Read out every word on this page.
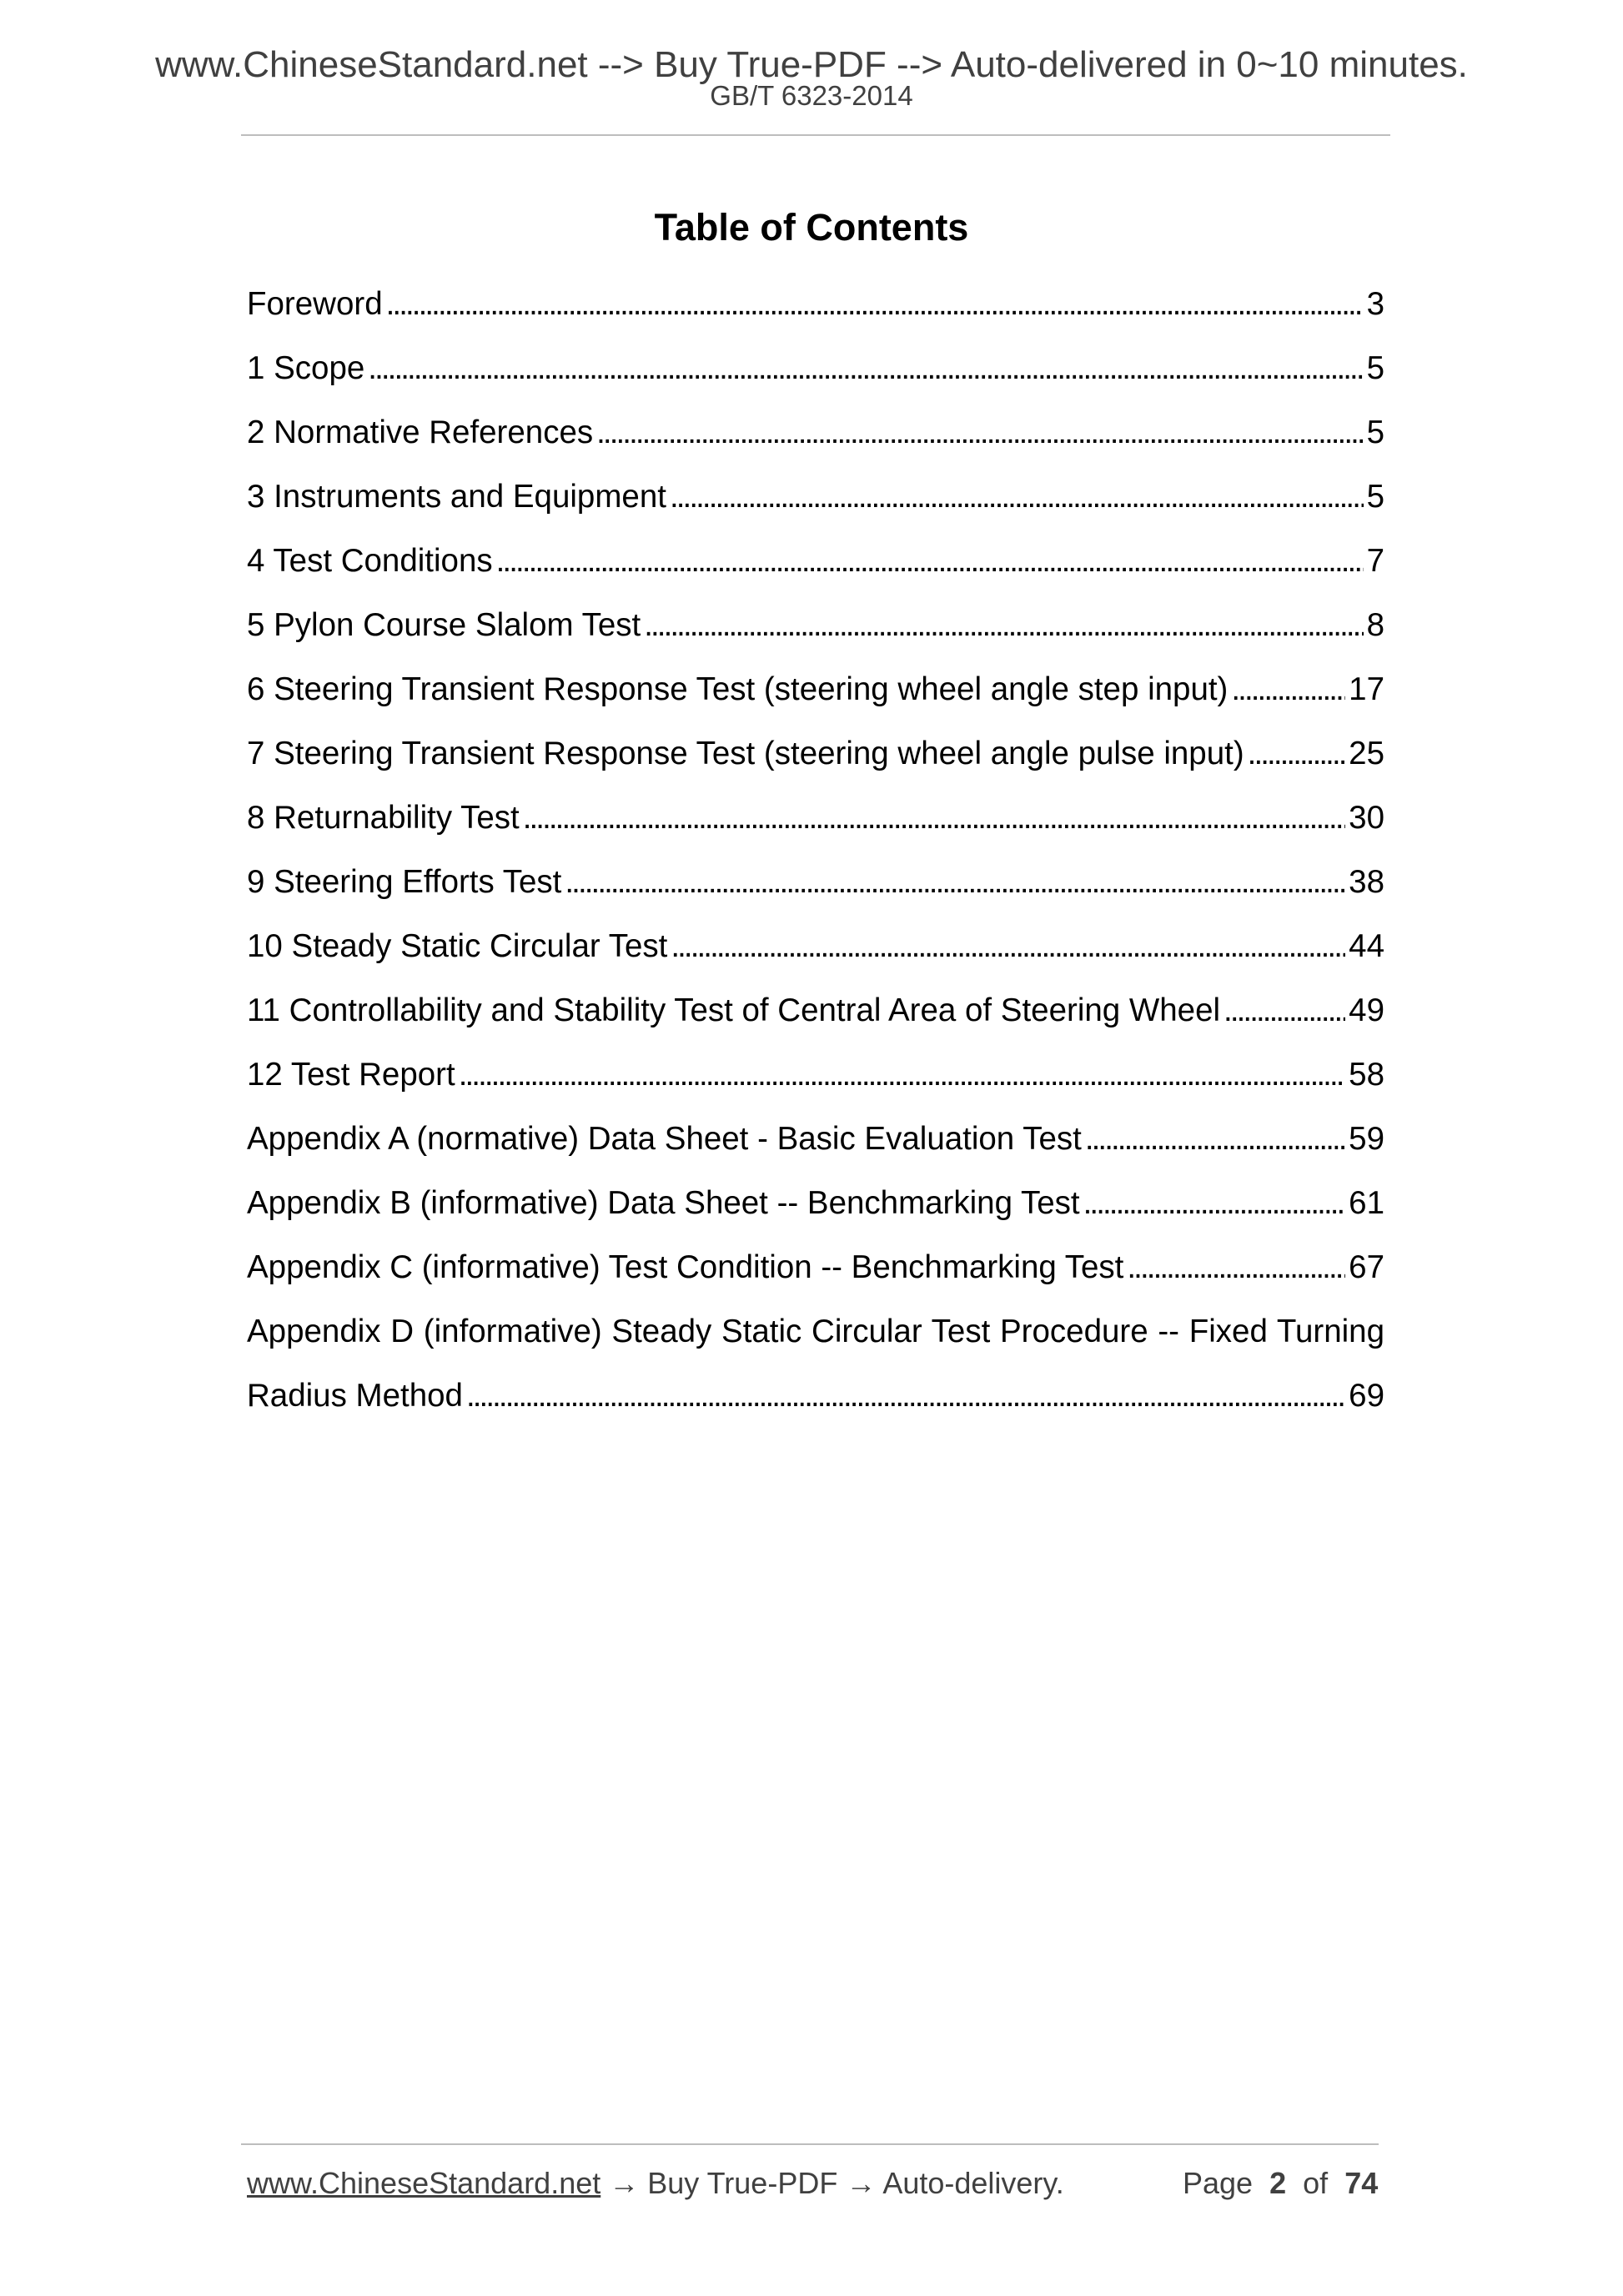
www.ChineseStandard.net --> Buy True-PDF --> Auto-delivered in 0~10 minutes.
GB/T 6323-2014
Table of Contents
Foreword . . .	3
1 Scope . . .	5
2 Normative References . . .	5
3 Instruments and Equipment . . .	5
4 Test Conditions . . .	7
5 Pylon Course Slalom Test . . .	8
6 Steering Transient Response Test (steering wheel angle step input) . . .	17
7 Steering Transient Response Test (steering wheel angle pulse input) . . .	25
8 Returnability Test . . .	30
9 Steering Efforts Test . . .	38
10 Steady Static Circular Test . . .	44
11 Controllability and Stability Test of Central Area of Steering Wheel . . .	49
12 Test Report . . .	58
Appendix A (normative) Data Sheet - Basic Evaluation Test . . .	59
Appendix B (informative) Data Sheet -- Benchmarking Test . . .	61
Appendix C (informative) Test Condition -- Benchmarking Test . . .	67
Appendix D (informative) Steady Static Circular Test Procedure -- Fixed Turning
Radius Method . . .	69
www.ChineseStandard.net → Buy True-PDF → Auto-delivery.	Page 2 of 74
